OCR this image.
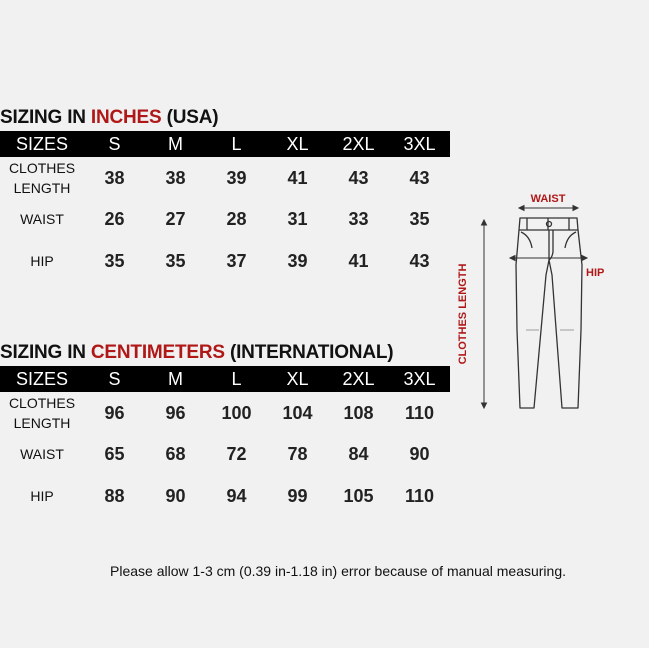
SIZING IN INCHES (USA)
SIZES	S	M	L	XL	2XL	3XL
CLOTHES
LENGTH	38	38	39	41	43	43
WAIST	26	27	28	31	33	35
HIP	35	35	37	39	41	43
SIZING IN CENTIMETERS (INTERNATIONAL)
SIZES	S	M	L	XL	2XL	3XL
CLOTHES
LENGTH	96	96	100	104	108	110
WAIST	65	68	72	78	84	90
HIP	88	90	94	99	105	110
WAIST
HIP
CLOTHES LENGTH
Please allow 1-3 cm (0.39 in-1.18 in) error because of manual measuring.
